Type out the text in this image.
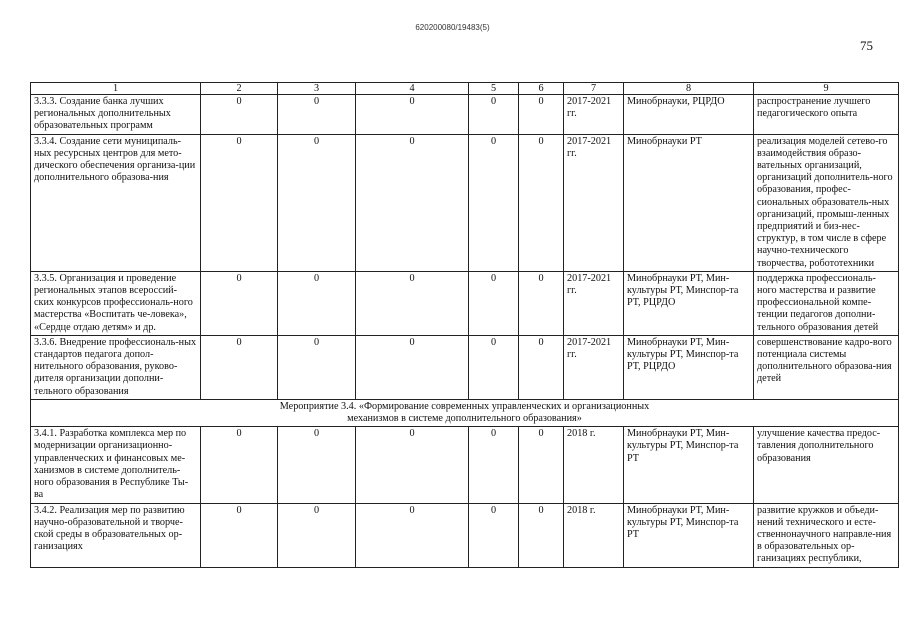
620200080/19483(5)
75
1	2	3	4	5	6	7	8	9
3.3.3. Создание банка лучших региональных дополнительных образовательных программ	0	0	0	0	0	2017-2021 гг.	Минобрнауки, РЦРДО	распространение лучшего педагогического опыта
3.3.4. Создание сети муниципаль-ных ресурсных центров для мето-дического обеспечения организа-ции дополнительного образова-ния	0	0	0	0	0	2017-2021 гг.	Минобрнауки РТ	реализация моделей сетево-го взаимодействия образо-вательных организаций, организаций дополнитель-ного образования, профес-сиональных образователь-ных организаций, промыш-ленных предприятий и биз-нес-структур, в том числе в сфере научно-технического творчества, робототехники
3.3.5. Организация и проведение региональных этапов всероссий-ских конкурсов профессиональ-ного мастерства «Воспитать че-ловека», «Сердце отдаю детям» и др.	0	0	0	0	0	2017-2021 гг.	Минобрнауки РТ, Мин-культуры РТ, Минспор-та РТ, РЦРДО	поддержка профессиональ-ного мастерства и развитие профессиональной компе-тенции педагогов дополни-тельного образования детей
3.3.6. Внедрение профессиональ-ных стандартов педагога допол-нительного образования, руково-дителя организации дополни-тельного образования	0	0	0	0	0	2017-2021 гг.	Минобрнауки РТ, Мин-культуры РТ, Минспор-та РТ, РЦРДО	совершенствование кадро-вого потенциала системы дополнительного образова-ния детей

Мероприятие 3.4. «Формирование современных управленческих и организационных
механизмов в системе дополнительного образования»								

3.4.1. Разработка комплекса мер по модернизации организационно-управленческих и финансовых ме-ханизмов в системе дополнитель-ного образования в Республике Ты-ва	0	0	0	0	0	2018 г.	Минобрнауки РТ, Мин-культуры РТ, Минспор-та РТ	улучшение качества предос-тавления дополнительного образования
3.4.2. Реализация мер по развитию научно-образовательной и творче-ской среды в образовательных ор-ганизациях	0	0	0	0	0	2018 г.	Минобрнауки РТ, Мин-культуры РТ, Минспор-та РТ	развитие кружков и объеди-нений технического и есте-ственнонаучного направле-ния в образовательных ор-ганизациях республики,
